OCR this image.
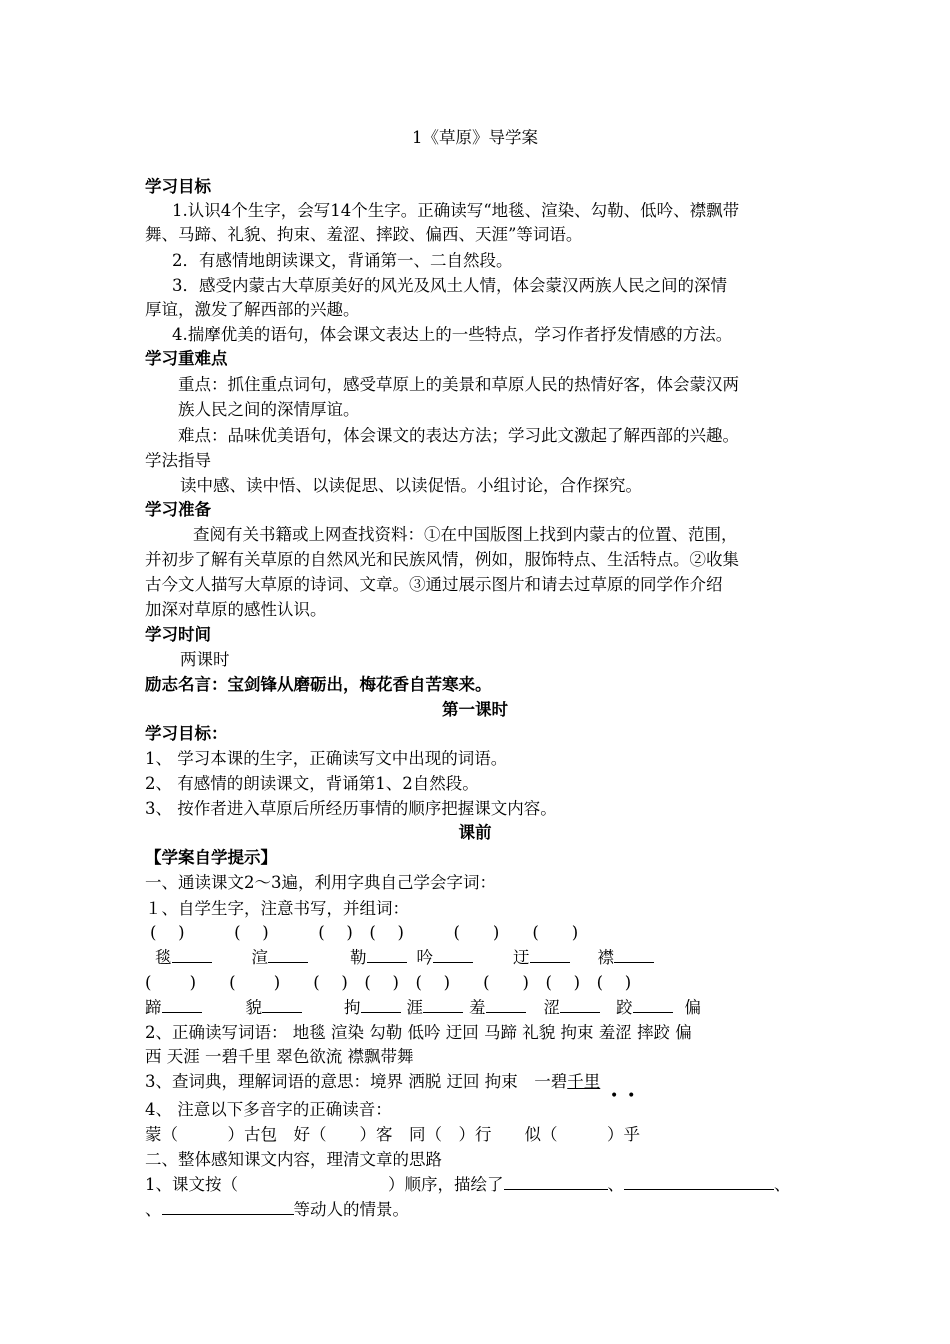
1《草原》导学案
学习目标
1.认识4个生字，会写14个生字。正确读写“地毯、渲染、勾勒、低吟、襟飘带
舞、马蹄、礼貌、拘束、羞涩、摔跤、偏西、天涯”等词语。
2．有感情地朗读课文，背诵第一、二自然段。
3．感受内蒙古大草原美好的风光及风土人情，体会蒙汉两族人民之间的深情
厚谊，激发了解西部的兴趣。
4.揣摩优美的语句，体会课文表达上的一些特点，学习作者抒发情感的方法。
学习重难点
重点：抓住重点词句，感受草原上的美景和草原人民的热情好客，体会蒙汉两
族人民之间的深情厚谊。
难点：品味优美语句，体会课文的表达方法；学习此文激起了解西部的兴趣。
学法指导
读中感、读中悟、以读促思、以读促悟。小组讨论，合作探究。
学习准备
查阅有关书籍或上网查找资料：①在中国版图上找到内蒙古的位置、范围，
并初步了解有关草原的自然风光和民族风情，例如，服饰特点、生活特点。②收集
古今文人描写大草原的诗词、文章。③通过展示图片和请去过草原的同学作介绍
加深对草原的感性认识。
学习时间
两课时
励志名言：宝剑锋从磨砺出，梅花香自苦寒来。
第一课时
学习目标：
1、 学习本课的生字，正确读写文中出现的词语。
2、 有感情的朗读课文，背诵第1、2自然段。
3、 按作者进入草原后所经历事情的顺序把握课文内容。
课前
【学案自学提示】
一、通读课文2～3遍，利用字典自己学会字词：
１、自学生字，注意书写，并组词：
(　 )　　　(　 )　　　(　 )　(　 )　　　(　　)　　(　　)
毯	渲	勒	吟	迂	襟
(　　 )　　(　　 )　　(　 )　(　 )　(　 )　　(　　)　(　 )　(　 )
蹄	貌	拘	涯	羞	涩	跤	偏
2、正确读写词语： 地毯 渲染 勾勒 低吟 迂回 马蹄 礼貌 拘束 羞涩 摔跤 偏
西 天涯 一碧千里 翠色欲流 襟飘带舞
3、查词典，理解词语的意思：境界 洒脱 迂回 拘束　一碧千里
•  •
4、 注意以下多音字的正确读音：
蒙（　　　）古包　好（　　）客　同（　）行　　似（　　　）乎
二、整体感知课文内容，理清文章的思路
1、课文按（	）顺序，描绘了	、	、
、	等动人的情景。
